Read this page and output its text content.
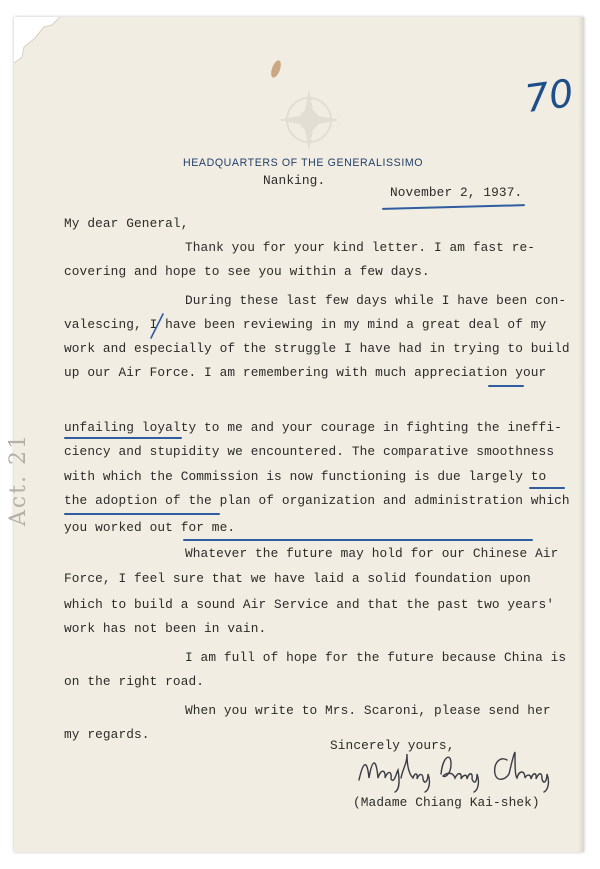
70
Act. 21
HEADQUARTERS OF THE GENERALISSIMO
Nanking.
November 2, 1937.
My dear General,
Thank you for your kind letter. I am fast re-
covering and hope to see you within a few days.
During these last few days while I have been con-
valescing, I have been reviewing in my mind a great deal of my
work and especially of the struggle I have had in trying to build
up our Air Force. I am remembering with much appreciation your
unfailing loyalty to me and your courage in fighting the ineffi-
ciency and stupidity we encountered. The comparative smoothness
with which the Commission is now functioning is due largely to
the adoption of the plan of organization and administration which
you worked out for me.
Whatever the future may hold for our Chinese Air
Force, I feel sure that we have laid a solid foundation upon
which to build a sound Air Service and that the past two years'
work has not been in vain.
I am full of hope for the future because China is
on the right road.
When you write to Mrs. Scaroni, please send her
my regards.
Sincerely yours,
(Madame Chiang Kai-shek)
